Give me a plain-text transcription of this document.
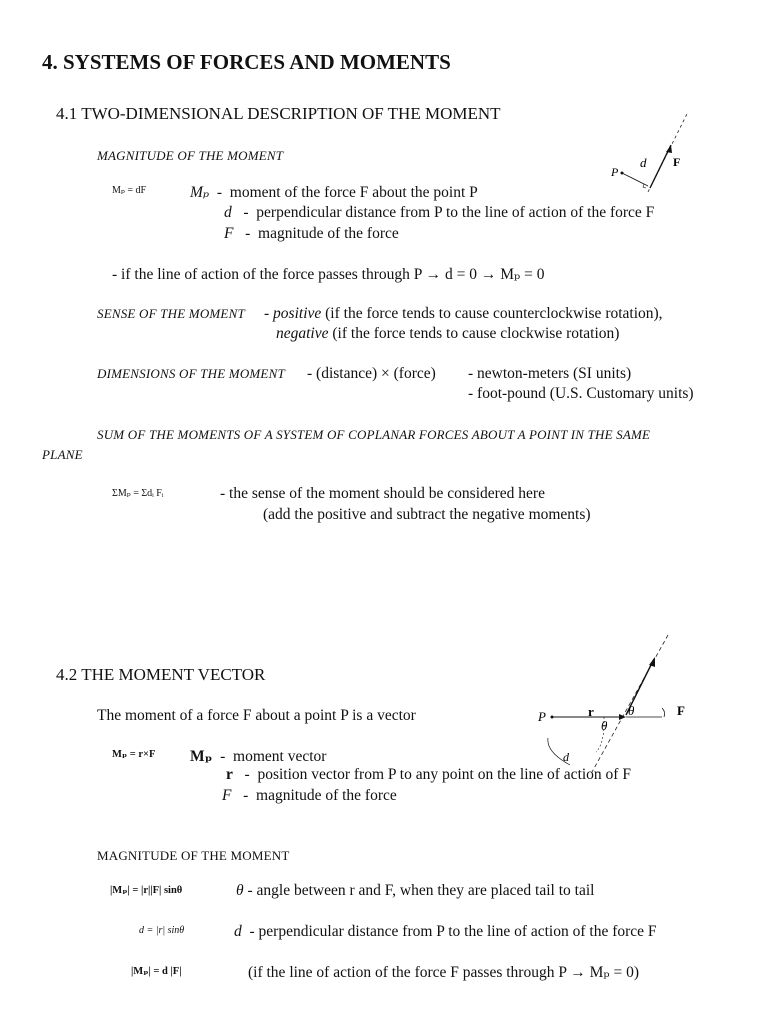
4. SYSTEMS OF FORCES AND MOMENTS
4.1 TWO-DIMENSIONAL DESCRIPTION OF THE MOMENT
MAGNITUDE OF THE MOMENT
Mₚ = dF	Mₚ  -  moment of the force F about the point P
d   -  perpendicular distance from P to the line of action of the force F
F   -  magnitude of the force
- if the line of action of the force passes through P → d = 0 → Mₚ = 0
SENSE OF THE MOMENT - positive (if the force tends to cause counterclockwise rotation),
negative (if the force tends to cause clockwise rotation)
DIMENSIONS OF THE MOMENT - (distance) × (force) - newton-meters (SI units)
- foot-pound (U.S. Customary units)
SUM OF THE MOMENTS OF A SYSTEM OF COPLANAR FORCES ABOUT A POINT IN THE SAME
PLANE
ΣMₚ = Σdᵢ Fᵢ	- the sense of the moment should be considered here
(add the positive and subtract the negative moments)
P
d F
4.2 THE MOMENT VECTOR
The moment of a force F about a point P is a vector
Mₚ = r×F Mₚ  -  moment vector
r   -  position vector from P to any point on the line of action of F
F   -  magnitude of the force
MAGNITUDE OF THE MOMENT
|Mₚ| = |r||F| sinθ	θ - angle between r and F, when they are placed tail to tail
d = |r| sinθ	d  - perpendicular distance from P to the line of action of the force F
|Mₚ| = d |F|	(if the line of action of the force F passes through P → Mₚ = 0)
P	r
θ
θ
d
F
